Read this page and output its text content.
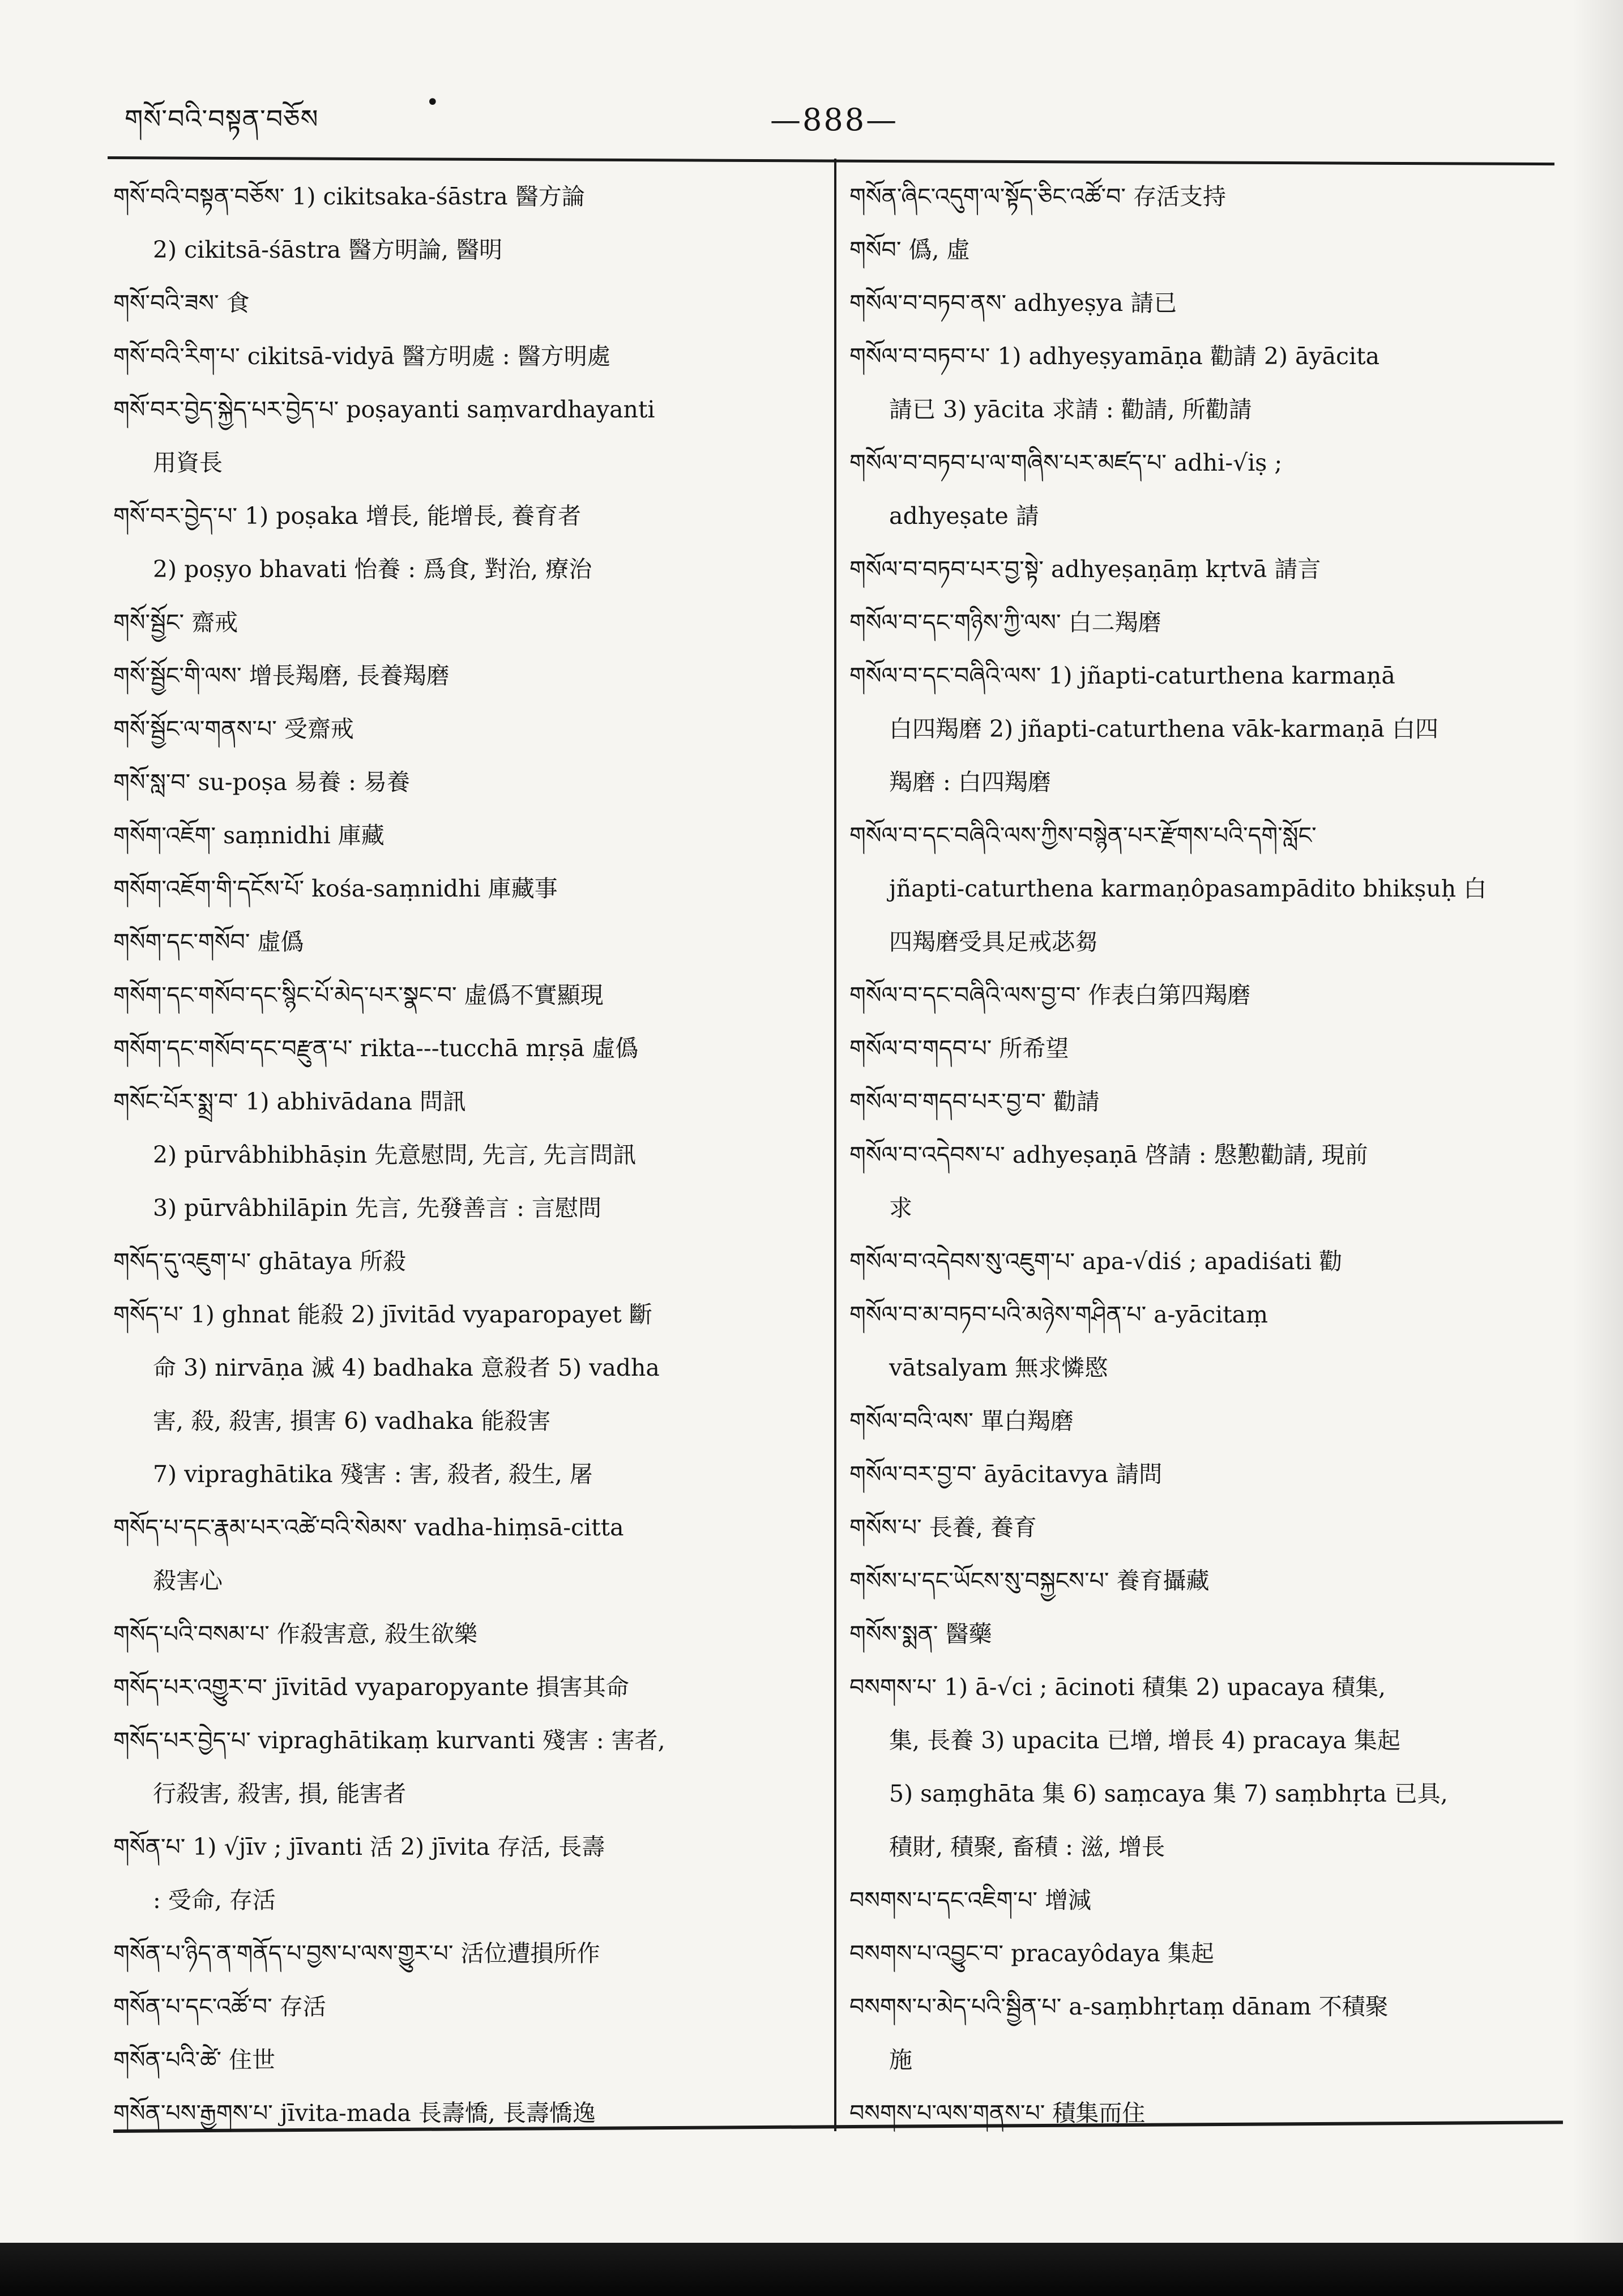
གསོ་བའི་བསྟན་བཅོས
•	—888—
གསོ་བའི་བསྟན་བཅོས་ 1) cikitsaka-śāstra 醫方論
2) cikitsā-śāstra 醫方明論, 醫明
གསོ་བའི་ཟས་ 食
གསོ་བའི་རིག་པ་ cikitsā-vidyā 醫方明處 : 醫方明處
གསོ་བར་བྱེད་སྐྱེད་པར་བྱེད་པ་ poṣayanti saṃvardhayanti
用資長
གསོ་བར་བྱེད་པ་ 1) poṣaka 增長, 能增長, 養育者
2) poṣyo bhavati 怡養 : 爲食, 對治, 療治
གསོ་སྦྱོང་ 齋戒
གསོ་སྦྱོང་གི་ལས་ 增長羯磨, 長養羯磨
གསོ་སྦྱོང་ལ་གནས་པ་ 受齋戒
གསོ་སླ་བ་ su-poṣa 易養 : 易養
གསོག་འཇོག་ saṃnidhi 庫藏
གསོག་འཇོག་གི་དངོས་པོ་ kośa-saṃnidhi 庫藏事
གསོག་དང་གསོབ་ 虛僞
གསོག་དང་གསོབ་དང་སྙིང་པོ་མེད་པར་སྣང་བ་ 虛僞不實顯現
གསོག་དང་གསོབ་དང་བརྫུན་པ་ rikta---tucchā mṛṣā 虛僞
གསོང་པོར་སྨྲ་བ་ 1) abhivādana 問訊
2) pūrvâbhibhāṣin 先意慰問, 先言, 先言問訊
3) pūrvâbhilāpin 先言, 先發善言 : 言慰問
གསོད་དུ་འཇུག་པ་ ghātaya 所殺
གསོད་པ་ 1) ghnat 能殺 2) jīvitād vyaparopayet 斷
命 3) nirvāṇa 滅 4) badhaka 意殺者 5) vadha
害, 殺, 殺害, 損害 6) vadhaka 能殺害
7) vipraghātika 殘害 : 害, 殺者, 殺生, 屠
གསོད་པ་དང་རྣམ་པར་འཚེ་བའི་སེམས་ vadha-hiṃsā-citta
殺害心
གསོད་པའི་བསམ་པ་ 作殺害意, 殺生欲樂
གསོད་པར་འགྱུར་བ་ jīvitād vyaparopyante 損害其命
གསོད་པར་བྱེད་པ་ vipraghātikaṃ kurvanti 殘害 : 害者,
行殺害, 殺害, 損, 能害者
གསོན་པ་ 1) √jīv ; jīvanti 活 2) jīvita 存活, 長壽
: 受命, 存活
གསོན་པ་ཉིད་ན་གནོད་པ་བྱས་པ་ལས་གྱུར་པ་ 活位遭損所作
གསོན་པ་དང་འཚོ་བ་ 存活
གསོན་པའི་ཚེ་ 住世
གསོན་པས་རྒྱགས་པ་ jīvita-mada 長壽憍, 長壽憍逸
གསོན་ཞིང་འདུག་ལ་སྟོད་ཅིང་འཚོ་བ་ 存活支持
གསོབ་ 僞, 虛
གསོལ་བ་བཏབ་ནས་ adhyeṣya 請已
གསོལ་བ་བཏབ་པ་ 1) adhyeṣyamāṇa 勸請 2) āyācita
請已 3) yācita 求請 : 勸請, 所勸請
གསོལ་བ་བཏབ་པ་ལ་གཞིས་པར་མཛད་པ་ adhi-√iṣ ;
adhyeṣate 請
གསོལ་བ་བཏབ་པར་བྱ་སྟེ་ adhyeṣaṇāṃ kṛtvā 請言
གསོལ་བ་དང་གཉིས་ཀྱི་ལས་ 白二羯磨
གསོལ་བ་དང་བཞིའི་ལས་ 1) jñapti-caturthena karmaṇā
白四羯磨 2) jñapti-caturthena vāk-karmaṇā 白四
羯磨 : 白四羯磨
གསོལ་བ་དང་བཞིའི་ལས་ཀྱིས་བསྙེན་པར་རྫོགས་པའི་དགེ་སློང་
jñapti-caturthena karmaṇôpasampādito bhikṣuḥ 白
四羯磨受具足戒苾芻
གསོལ་བ་དང་བཞིའི་ལས་བྱ་བ་ 作表白第四羯磨
གསོལ་བ་གདབ་པ་ 所希望
གསོལ་བ་གདབ་པར་བྱ་བ་ 勸請
གསོལ་བ་འདེབས་པ་ adhyeṣaṇā 啓請 : 慇懃勸請, 現前
求
གསོལ་བ་འདེབས་སུ་འཇུག་པ་ apa-√diś ; apadiśati 勸
གསོལ་བ་མ་བཏབ་པའི་མཉེས་གཤིན་པ་ a-yācitaṃ
vātsalyam 無求憐愍
གསོལ་བའི་ལས་ 單白羯磨
གསོལ་བར་བྱ་བ་ āyācitavya 請問
གསོས་པ་ 長養, 養育
གསོས་པ་དང་ཡོངས་སུ་བསྐྱངས་པ་ 養育攝藏
གསོས་སྨན་ 醫藥
བསགས་པ་ 1) ā-√ci ; ācinoti 積集 2) upacaya 積集,
集, 長養 3) upacita 已增, 增長 4) pracaya 集起
5) saṃghāta 集 6) saṃcaya 集 7) saṃbhṛta 已具,
積財, 積聚, 畜積 : 滋, 增長
བསགས་པ་དང་འཇིག་པ་ 增減
བསགས་པ་འབྱུང་བ་ pracayôdaya 集起
བསགས་པ་མེད་པའི་སྦྱིན་པ་ a-saṃbhṛtaṃ dānam 不積聚
施
བསགས་པ་ལས་གནས་པ་ 積集而住
